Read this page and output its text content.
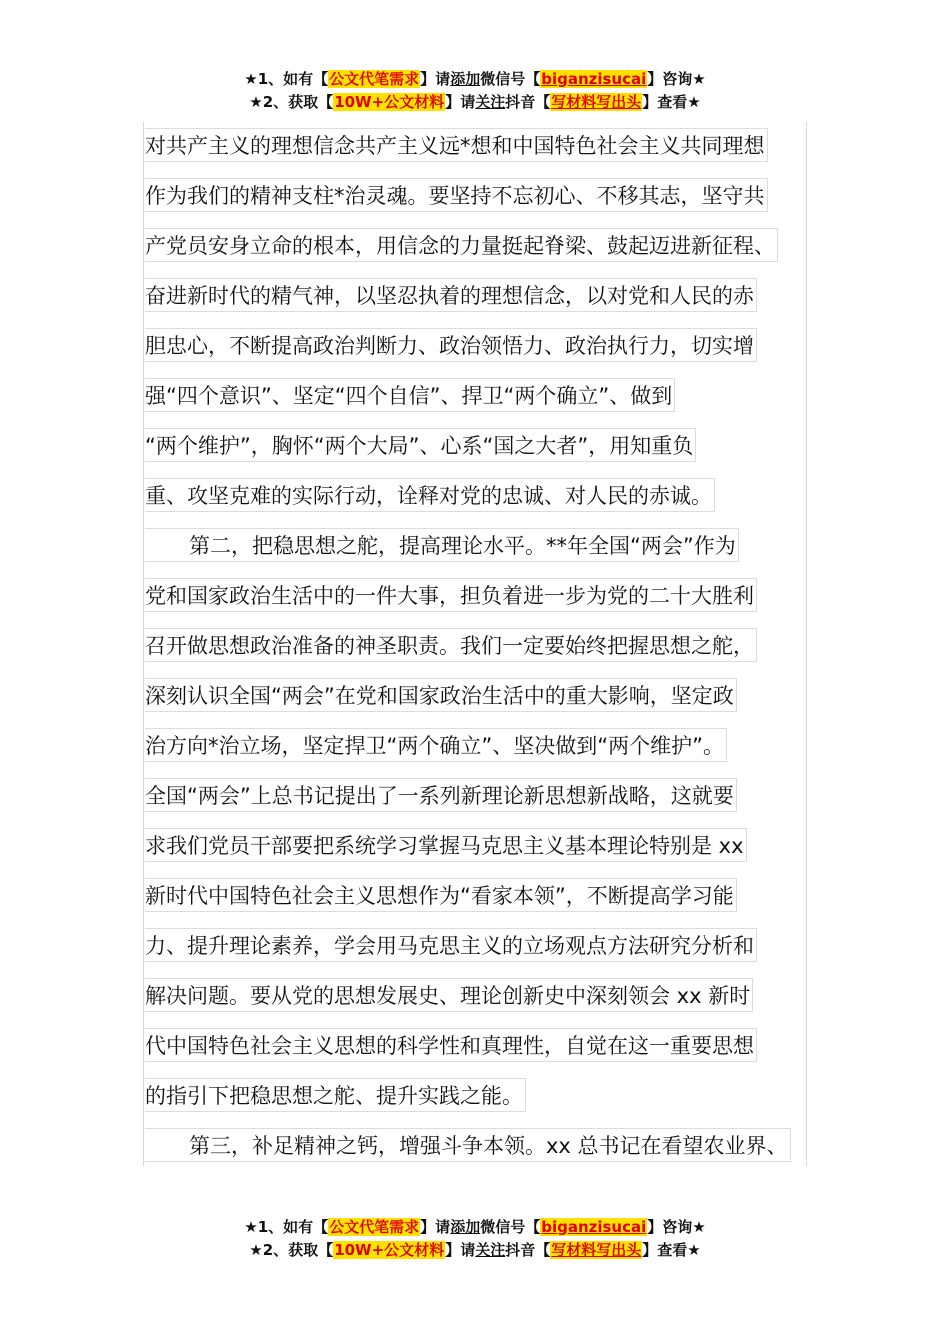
★1、如有【公文代笔需求】请添加微信号【biganzisucai】咨询★
★2、获取【10W+公文材料】请关注抖音【写材料写出头】查看★
对共产主义的理想信念共产主义远*想和中国特色社会主义共同理想
作为我们的精神支柱*治灵魂。要坚持不忘初心、不移其志，坚守共
产党员安身立命的根本，用信念的力量挺起脊梁、鼓起迈进新征程、
奋进新时代的精气神，以坚忍执着的理想信念，以对党和人民的赤
胆忠心，不断提高政治判断力、政治领悟力、政治执行力，切实增
强“四个意识”、坚定“四个自信”、捍卫“两个确立”、做到
“两个维护”，胸怀“两个大局”、心系“国之大者”，用知重负
重、攻坚克难的实际行动，诠释对党的忠诚、对人民的赤诚。
第二，把稳思想之舵，提高理论水平。**年全国“两会”作为
党和国家政治生活中的一件大事，担负着进一步为党的二十大胜利
召开做思想政治准备的神圣职责。我们一定要始终把握思想之舵，
深刻认识全国“两会”在党和国家政治生活中的重大影响，坚定政
治方向*治立场，坚定捍卫“两个确立”、坚决做到“两个维护”。
全国“两会”上总书记提出了一系列新理论新思想新战略，这就要
求我们党员干部要把系统学习掌握马克思主义基本理论特别是 xx
新时代中国特色社会主义思想作为“看家本领”，不断提高学习能
力、提升理论素养，学会用马克思主义的立场观点方法研究分析和
解决问题。要从党的思想发展史、理论创新史中深刻领会 xx 新时
代中国特色社会主义思想的科学性和真理性，自觉在这一重要思想
的指引下把稳思想之舵、提升实践之能。
第三，补足精神之钙，增强斗争本领。xx 总书记在看望农业界、
★1、如有【公文代笔需求】请添加微信号【biganzisucai】咨询★
★2、获取【10W+公文材料】请关注抖音【写材料写出头】查看★
